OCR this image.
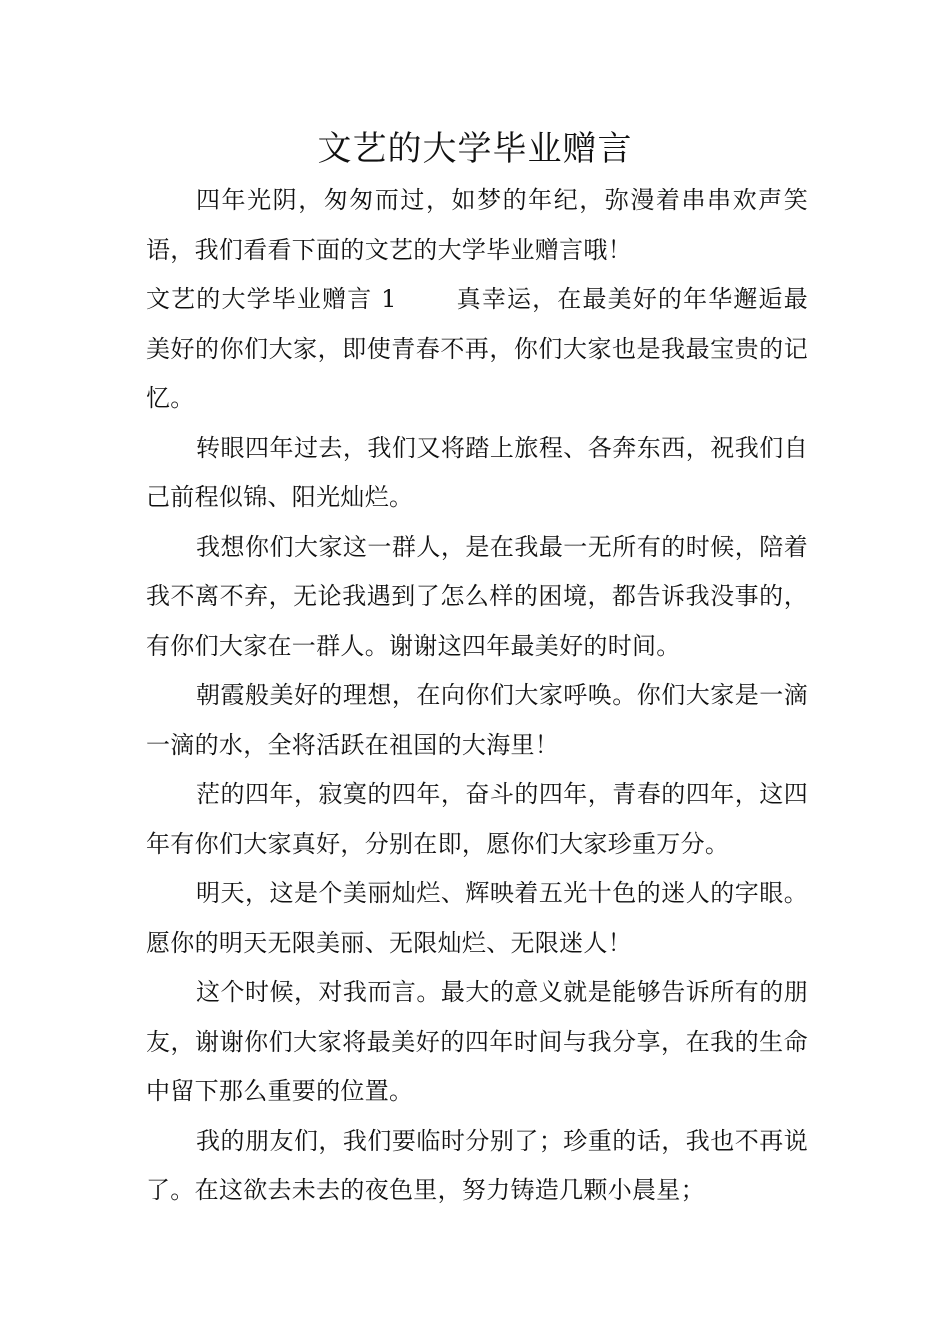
文艺的大学毕业赠言

四年光阴，匆匆而过，如梦的年纪，弥漫着串串欢声笑语，我们看看下面的文艺的大学毕业赠言哦！

文艺的大学毕业赠言 1　　 真幸运，在最美好的年华邂逅最美好的你们大家，即使青春不再，你们大家也是我最宝贵的记忆。

转眼四年过去，我们又将踏上旅程、各奔东西，祝我们自己前程似锦、阳光灿烂。

我想你们大家这一群人，是在我最一无所有的时候，陪着我不离不弃，无论我遇到了怎么样的困境，都告诉我没事的，有你们大家在一群人。谢谢这四年最美好的时间。

朝霞般美好的理想，在向你们大家呼唤。你们大家是一滴一滴的水，全将活跃在祖国的大海里！

茫的四年，寂寞的四年，奋斗的四年，青春的四年，这四年有你们大家真好，分别在即，愿你们大家珍重万分。

明天，这是个美丽灿烂、辉映着五光十色的迷人的字眼。愿你的明天无限美丽、无限灿烂、无限迷人！

这个时候，对我而言。最大的意义就是能够告诉所有的朋友，谢谢你们大家将最美好的四年时间与我分享，在我的生命中留下那么重要的位置。

我的朋友们，我们要临时分别了；珍重的话，我也不再说了。在这欲去未去的夜色里，努力铸造几颗小晨星；
